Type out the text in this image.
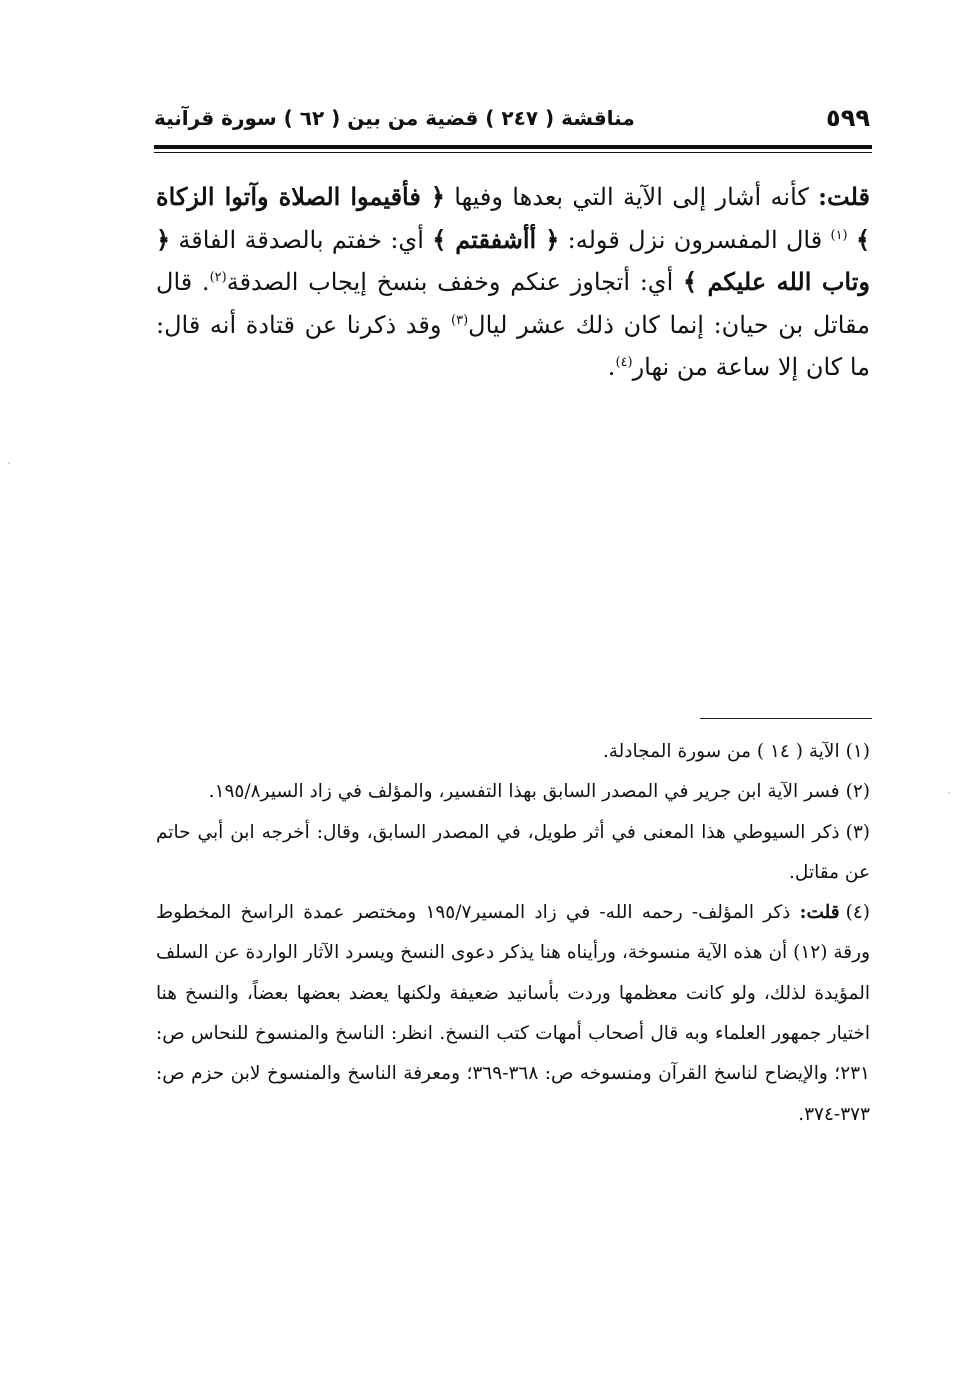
مناقشة ( ٢٤٧ ) قضية من بين ( ٦٢ ) سورة قرآنية	٥٩٩
قلت: كأنه أشار إلى الآية التي بعدها وفيها ﴿ فأقيموا الصلاة وآتوا الزكاة ﴾ $^{(١)}$ قال المفسرون نزل قوله: ﴿ أأشفقتم ﴾ أي: خفتم بالصدقة الفاقة ﴿ وتاب الله عليكم ﴾ أي: أتجاوز عنكم وخفف بنسخ إيجاب الصدقة$^{(٢)}$. قال مقاتل بن حيان: إنما كان ذلك عشر ليال$^{(٣)}$ وقد ذكرنا عن قتادة أنه قال: ما كان إلا ساعة من نهار$^{(٤)}$.

(١)الآية ( ١٤ ) من سورة المجادلة.

(٢)فسر الآية ابن جرير في المصدر السابق بهذا التفسير، والمؤلف في زاد السير١٩٥/٨.

(٣)ذكر السيوطي هذا المعنى في أثر طويل، في المصدر السابق، وقال: أخرجه ابن أبي حاتم عن مقاتل.

(٤)قلت: ذكر المؤلف- رحمه الله- في زاد المسير١٩٥/٧ ومختصر عمدة الراسخ المخطوط ورقة (١٢) أن هذه الآية منسوخة، ورأيناه هنا يذكر دعوى النسخ ويسرد الآثار الواردة عن السلف المؤيدة لذلك، ولو كانت معظمها وردت بأسانيد ضعيفة ولكنها يعضد بعضها بعضاً، والنسخ هنا اختيار جمهور العلماء وبه قال أصحاب أمهات كتب النسخ. انظر: الناسخ والمنسوخ للنحاس ص: ٢٣١؛ والإيضاح لناسخ القرآن ومنسوخه ص: ٣٦٨-٣٦٩؛ ومعرفة الناسخ والمنسوخ لابن حزم ص: ٣٧٣-٣٧٤.
